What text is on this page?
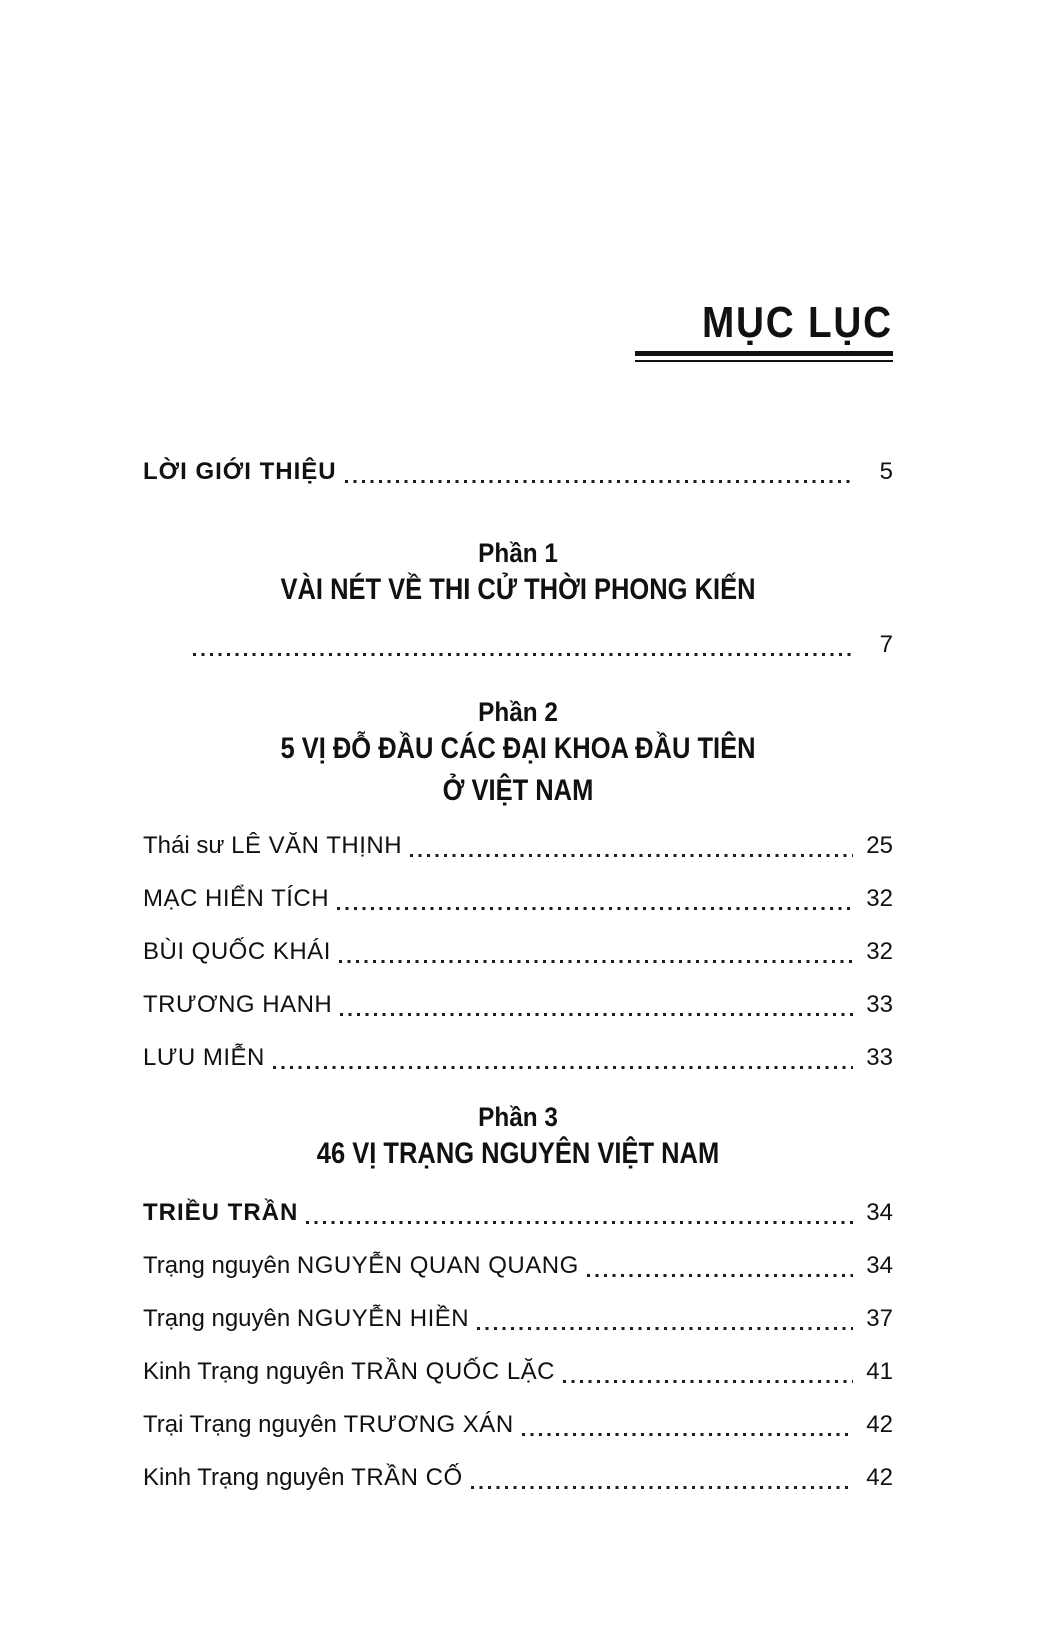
MỤC LỤC
LỜI GIỚI THIỆU	5
Phần 1
VÀI NÉT VỀ THI CỬ THỜI PHONG KIẾN
7
Phần 2
5 VỊ ĐỖ ĐẦU CÁC ĐẠI KHOA ĐẦU TIÊN
Ở VIỆT NAM
Thái sư LÊ VĂN THỊNH	25
MẠC HIỂN TÍCH	32
BÙI QUỐC KHÁI	32
TRƯƠNG HANH	33
LƯU MIỄN	33
Phần 3
46 VỊ TRẠNG NGUYÊN VIỆT NAM
TRIỀU TRẦN	34
Trạng nguyên NGUYỄN QUAN QUANG	34
Trạng nguyên NGUYỄN HIỀN	37
Kinh Trạng nguyên TRẦN QUỐC LẶC	41
Trại Trạng nguyên TRƯƠNG XÁN	42
Kinh Trạng nguyên TRẦN CỐ	42
